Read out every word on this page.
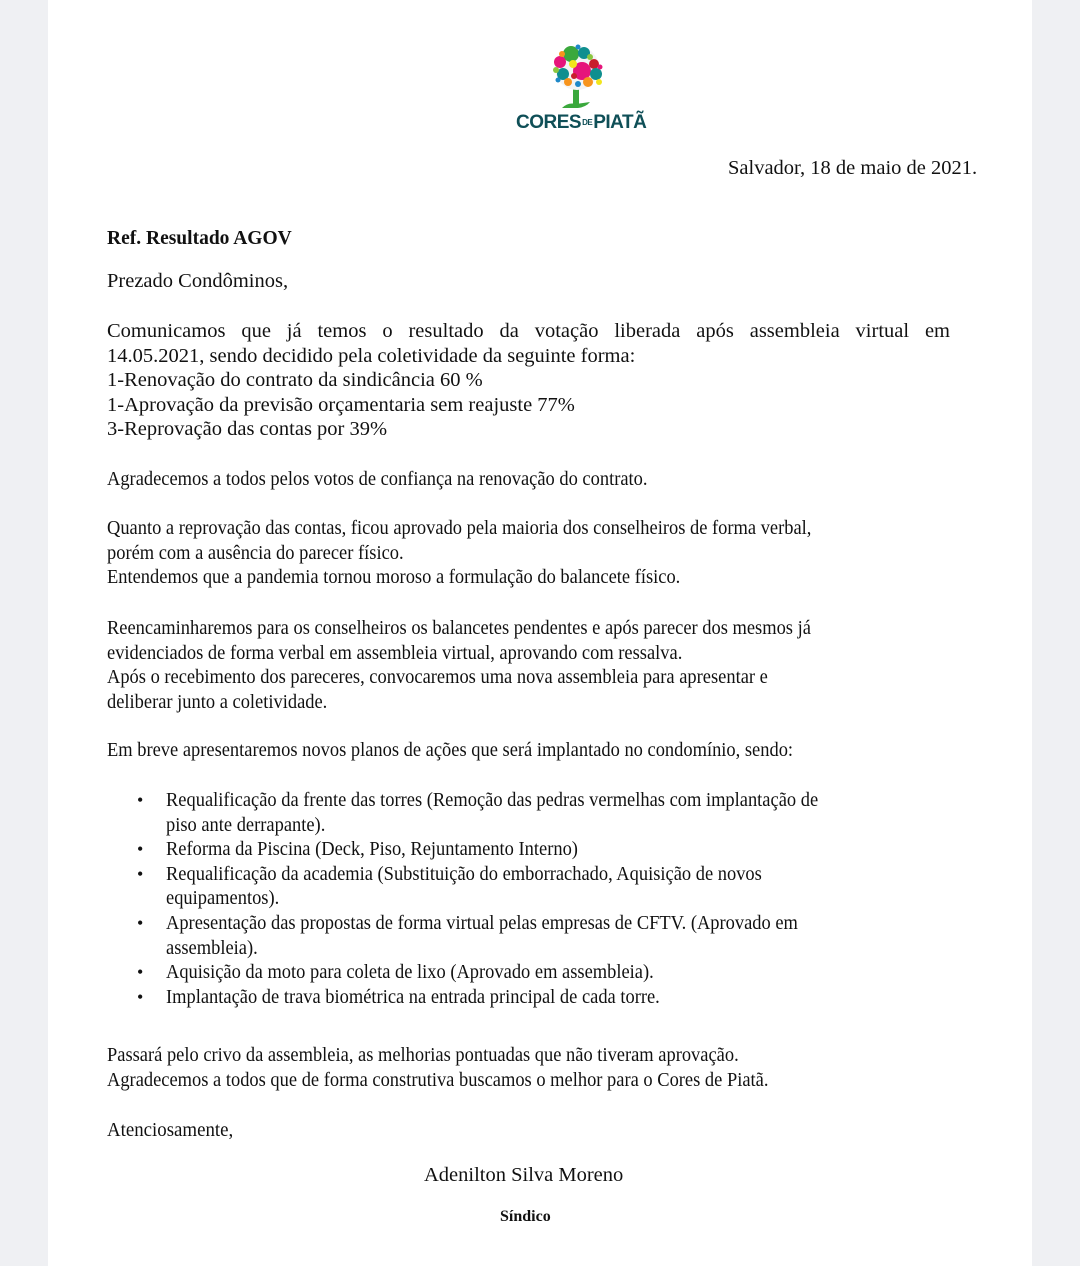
CORESDEPIATÃ
Salvador, 18 de maio de 2021.
Ref. Resultado AGOV
Prezado Condôminos,
Comunicamos que já temos o resultado da votação liberada após assembleia virtual em
14.05.2021, sendo decidido pela coletividade da seguinte forma:
1-Renovação do contrato da sindicância 60 %
1-Aprovação da previsão orçamentaria sem reajuste 77%
3-Reprovação das contas por 39%
Agradecemos a todos pelos votos de confiança na renovação do contrato.
Quanto a reprovação das contas, ficou aprovado pela maioria dos conselheiros de forma verbal,
porém com a ausência do parecer físico.
Entendemos que a pandemia tornou moroso a formulação do balancete físico.
Reencaminharemos para os conselheiros os balancetes pendentes e após parecer dos mesmos já
evidenciados de forma verbal em assembleia virtual, aprovando com ressalva.
Após o recebimento dos pareceres, convocaremos uma nova assembleia para apresentar e
deliberar junto a coletividade.
Em breve apresentaremos novos planos de ações que será implantado no condomínio, sendo:
• Requalificação da frente das torres (Remoção das pedras vermelhas com implantação de
piso ante derrapante).
• Reforma da Piscina (Deck, Piso, Rejuntamento Interno)
• Requalificação da academia (Substituição do emborrachado, Aquisição de novos
equipamentos).
• Apresentação das propostas de forma virtual pelas empresas de CFTV. (Aprovado em
assembleia).
• Aquisição da moto para coleta de lixo (Aprovado em assembleia).
• Implantação de trava biométrica na entrada principal de cada torre.
Passará pelo crivo da assembleia, as melhorias pontuadas que não tiveram aprovação.
Agradecemos a todos que de forma construtiva buscamos o melhor para o Cores de Piatã.
Atenciosamente,
Adenilton Silva Moreno
Síndico
